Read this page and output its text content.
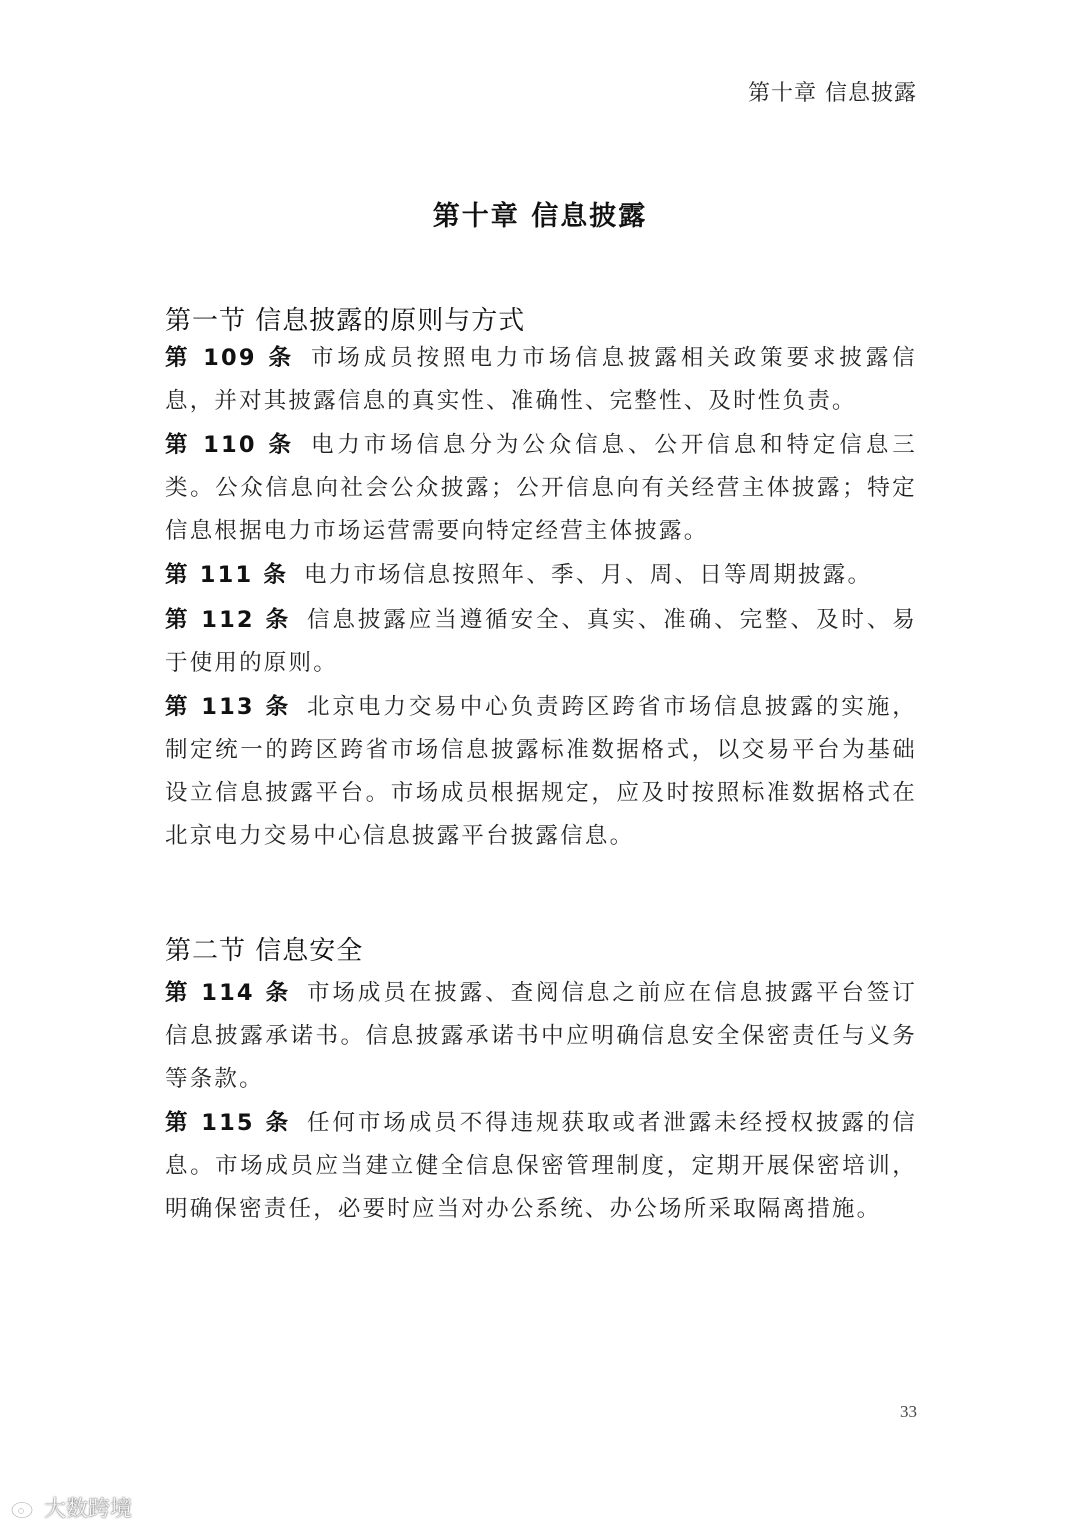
第十章 信息披露
第十章 信息披露
第一节 信息披露的原则与方式
第 109 条 市场成员按照电力市场信息披露相关政策要求披露信息，并对其披露信息的真实性、准确性、完整性、及时性负责。
第 110 条 电力市场信息分为公众信息、公开信息和特定信息三类。公众信息向社会公众披露；公开信息向有关经营主体披露；特定信息根据电力市场运营需要向特定经营主体披露。
第 111 条 电力市场信息按照年、季、月、周、日等周期披露。
第 112 条 信息披露应当遵循安全、真实、准确、完整、及时、易于使用的原则。
第 113 条 北京电力交易中心负责跨区跨省市场信息披露的实施，制定统一的跨区跨省市场信息披露标准数据格式，以交易平台为基础设立信息披露平台。市场成员根据规定，应及时按照标准数据格式在北京电力交易中心信息披露平台披露信息。
第二节 信息安全
第 114 条 市场成员在披露、查阅信息之前应在信息披露平台签订信息披露承诺书。信息披露承诺书中应明确信息安全保密责任与义务等条款。
第 115 条 任何市场成员不得违规获取或者泄露未经授权披露的信息。市场成员应当建立健全信息保密管理制度，定期开展保密培训，明确保密责任，必要时应当对办公系统、办公场所采取隔离措施。
33
大数跨境
